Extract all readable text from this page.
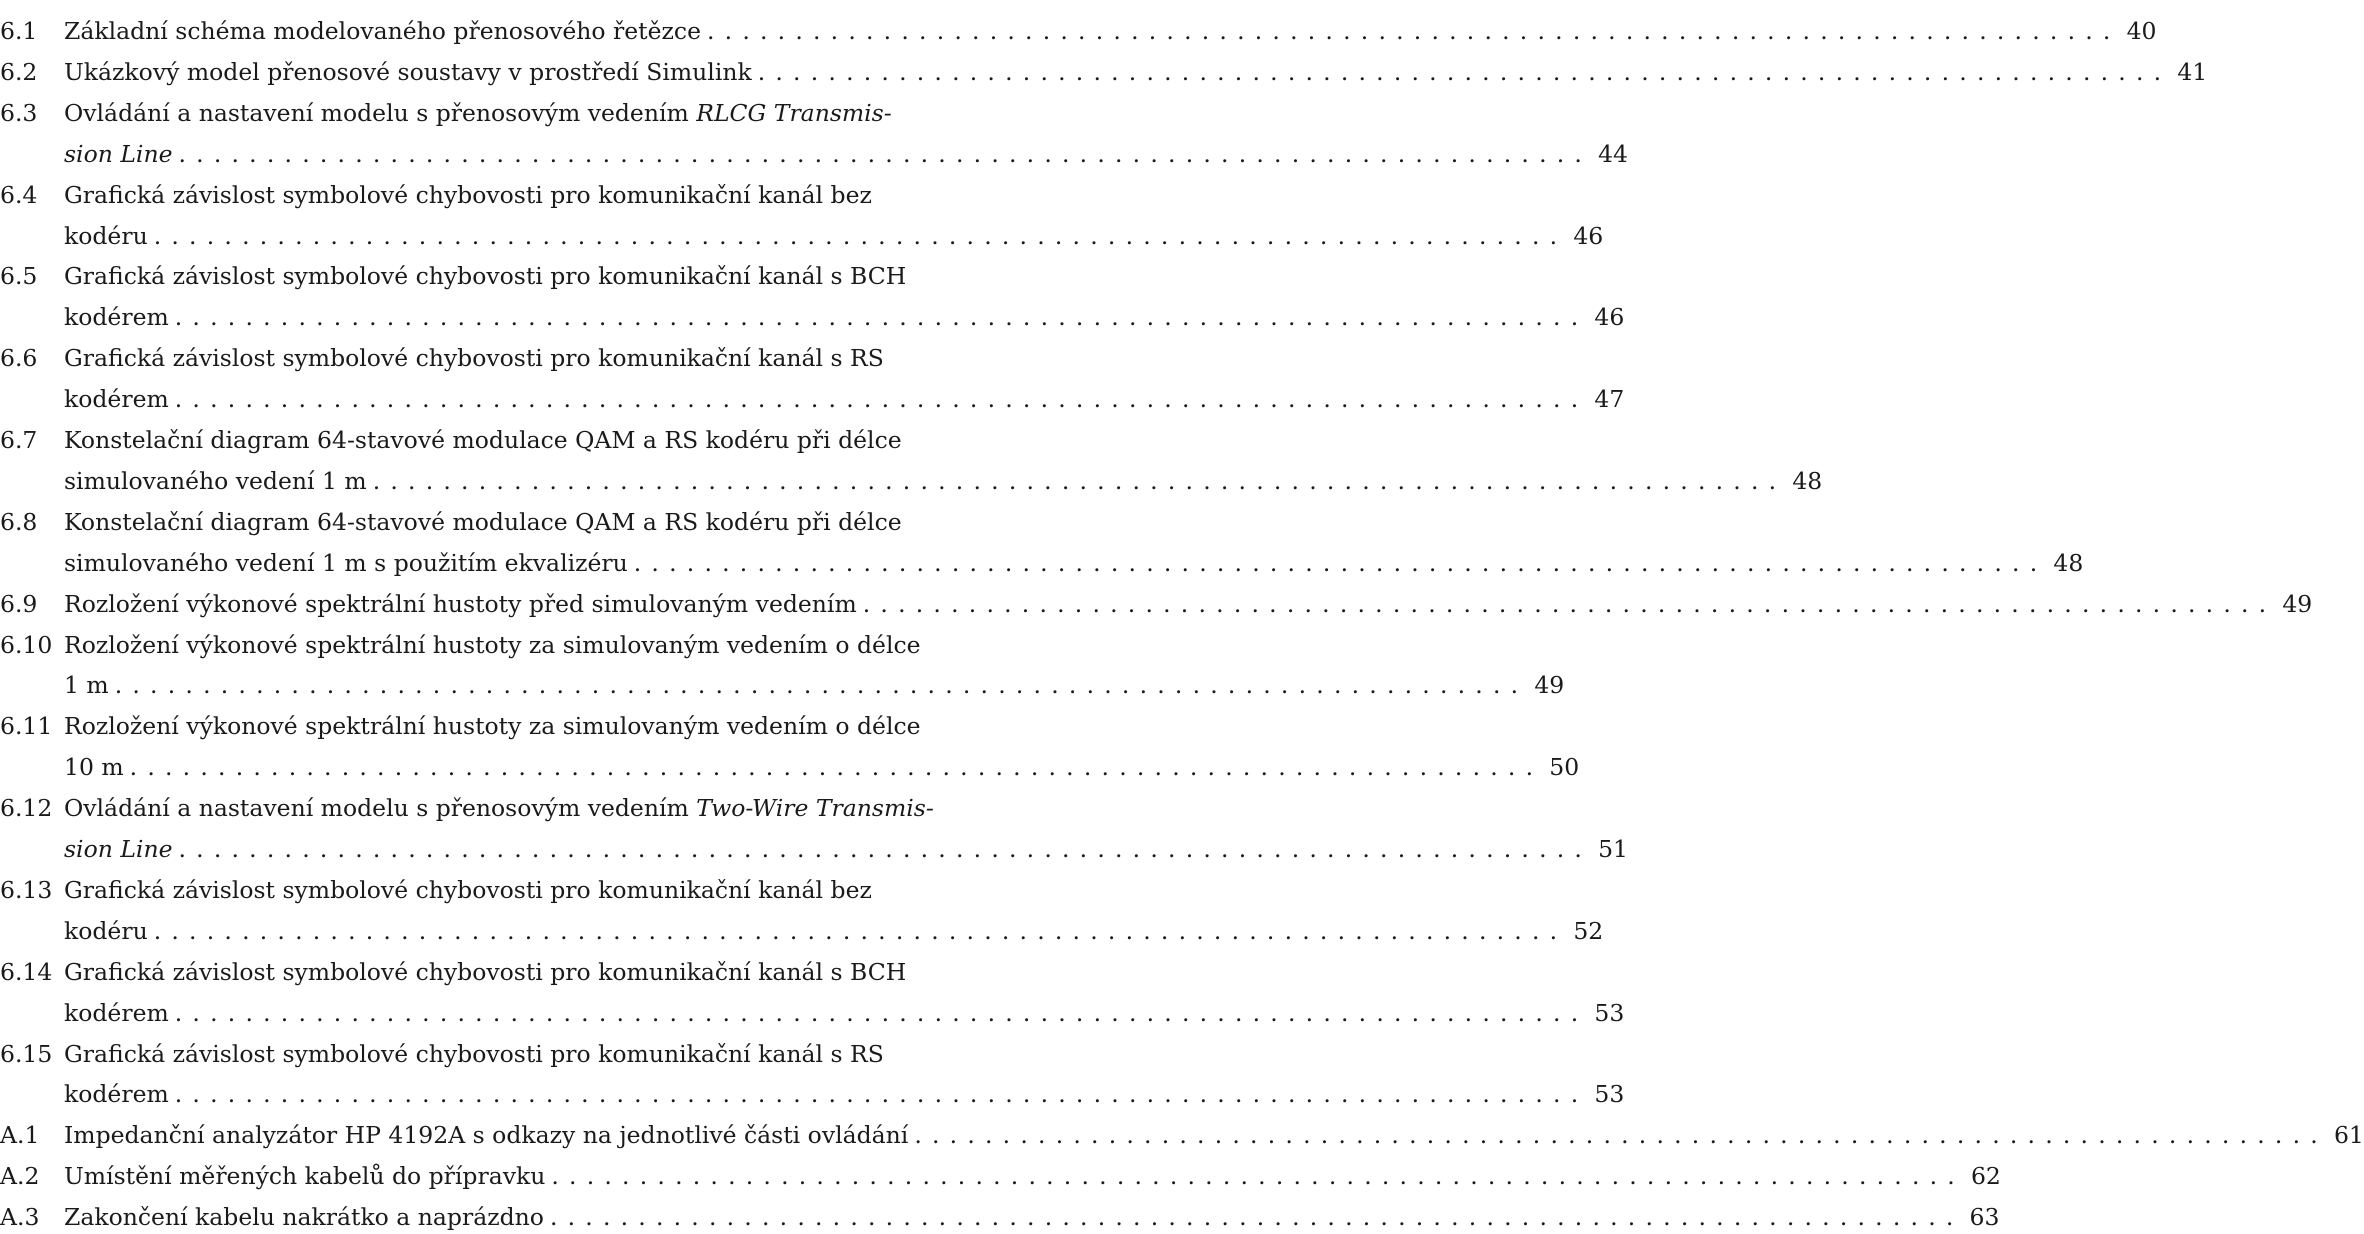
6.1 Základní schéma modelovaného přenosového řetězce ................................................................................ 40
6.2 Ukázkový model přenosové soustavy v prostředí Simulink ................................................................................ 41
6.3 Ovládání a nastavení modelu s přenosovým vedením RLCG Transmis-
sion Line ................................................................................ 44
6.4 Grafická závislost symbolové chybovosti pro komunikační kanál bez
kodéru ................................................................................ 46
6.5 Grafická závislost symbolové chybovosti pro komunikační kanál s BCH
kodérem ................................................................................ 46
6.6 Grafická závislost symbolové chybovosti pro komunikační kanál s RS
kodérem ................................................................................ 47
6.7 Konstelační diagram 64-stavové modulace QAM a RS kodéru při délce
simulovaného vedení 1 m ................................................................................ 48
6.8 Konstelační diagram 64-stavové modulace QAM a RS kodéru při délce
simulovaného vedení 1 m s použitím ekvalizéru ................................................................................ 48
6.9 Rozložení výkonové spektrální hustoty před simulovaným vedením ................................................................................ 49
6.10 Rozložení výkonové spektrální hustoty za simulovaným vedením o délce
1 m ................................................................................ 49
6.11 Rozložení výkonové spektrální hustoty za simulovaným vedením o délce
10 m ................................................................................ 50
6.12 Ovládání a nastavení modelu s přenosovým vedením Two-Wire Transmis-
sion Line ................................................................................ 51
6.13 Grafická závislost symbolové chybovosti pro komunikační kanál bez
kodéru ................................................................................ 52
6.14 Grafická závislost symbolové chybovosti pro komunikační kanál s BCH
kodérem ................................................................................ 53
6.15 Grafická závislost symbolové chybovosti pro komunikační kanál s RS
kodérem ................................................................................ 53
A.1 Impedanční analyzátor HP 4192A s odkazy na jednotlivé části ovládání ................................................................................ 61
A.2 Umístění měřených kabelů do přípravku ................................................................................ 62
A.3 Zakončení kabelu nakrátko a naprázdno ................................................................................ 63
